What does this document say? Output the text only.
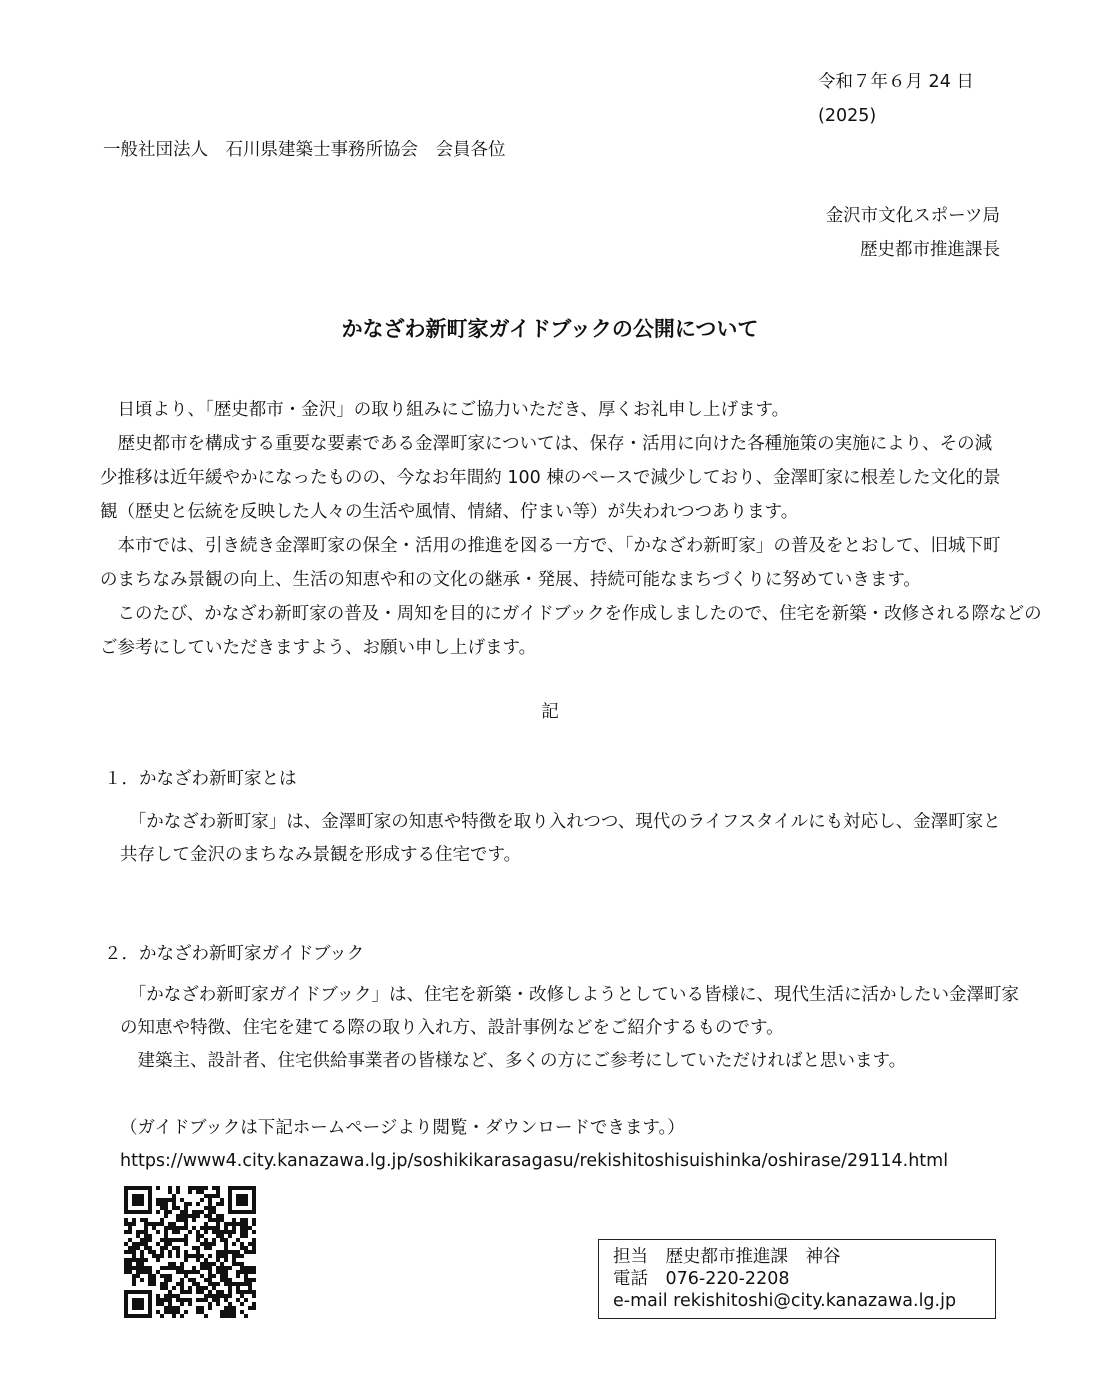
令和７年６月 24 日
(2025)
一般社団法人　石川県建築士事務所協会　会員各位
金沢市文化スポーツ局
歴史都市推進課長
かなざわ新町家ガイドブックの公開について
　日頃より、「歴史都市・金沢」の取り組みにご協力いただき、厚くお礼申し上げます。
　歴史都市を構成する重要な要素である金澤町家については、保存・活用に向けた各種施策の実施により、その減
少推移は近年緩やかになったものの、今なお年間約 100 棟のペースで減少しており、金澤町家に根差した文化的景
観（歴史と伝統を反映した人々の生活や風情、情緒、佇まい等）が失われつつあります。
　本市では、引き続き金澤町家の保全・活用の推進を図る一方で、「かなざわ新町家」の普及をとおして、旧城下町
のまちなみ景観の向上、生活の知恵や和の文化の継承・発展、持続可能なまちづくりに努めていきます。
　このたび、かなざわ新町家の普及・周知を目的にガイドブックを作成しましたので、住宅を新築・改修される際などの
ご参考にしていただきますよう、お願い申し上げます。
記
１．かなざわ新町家とは
　「かなざわ新町家」は、金澤町家の知恵や特徴を取り入れつつ、現代のライフスタイルにも対応し、金澤町家と
共存して金沢のまちなみ景観を形成する住宅です。
２．かなざわ新町家ガイドブック
　「かなざわ新町家ガイドブック」は、住宅を新築・改修しようとしている皆様に、現代生活に活かしたい金澤町家
の知恵や特徴、住宅を建てる際の取り入れ方、設計事例などをご紹介するものです。
　建築主、設計者、住宅供給事業者の皆様など、多くの方にご参考にしていただければと思います。
（ガイドブックは下記ホームページより閲覧・ダウンロードできます。）
https://www4.city.kanazawa.lg.jp/soshikikarasagasu/rekishitoshisuishinka/oshirase/29114.html
担当　歴史都市推進課　神谷
電話　076-220-2208
e-mail rekishitoshi@city.kanazawa.lg.jp
